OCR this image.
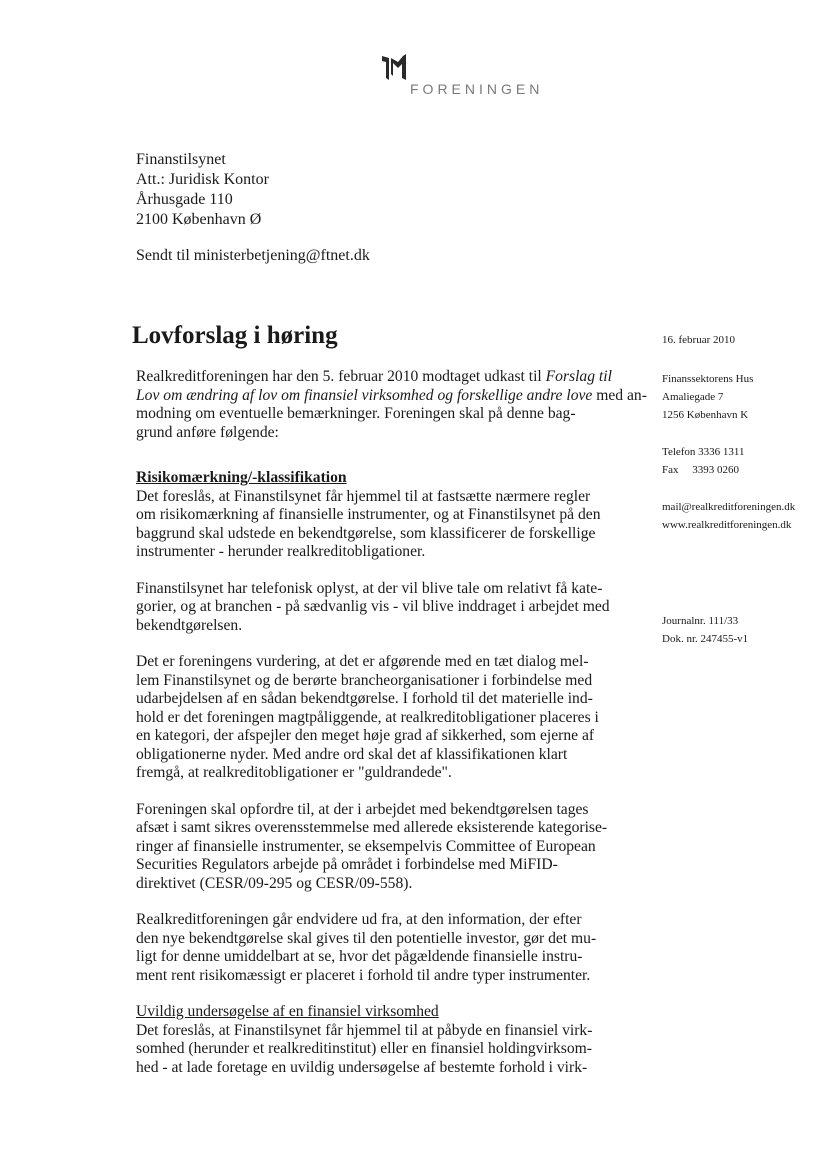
FORENINGEN
Finanstilsynet
Att.: Juridisk Kontor
Århusgade 110
2100 København Ø
Sendt til ministerbetjening@ftnet.dk
Lovforslag i høring	16. februar 2010
Finanssektorens Hus
Amaliegade 7
1256 København K
Telefon 3336 1311
Fax     3393 0260
mail@realkreditforeningen.dk
www.realkreditforeningen.dk
Journalnr. 111/33
Dok. nr. 247455-v1

Realkreditforeningen har den 5. februar 2010 modtaget udkast til Forslag til
Lov om ændring af lov om finansiel virksomhed og forskellige andre love med an-
modning om eventuelle bemærkninger. Foreningen skal på denne bag-
grund anføre følgende:

Risikomærkning/-klassifikation

Det foreslås, at Finanstilsynet får hjemmel til at fastsætte nærmere regler
om risikomærkning af finansielle instrumenter, og at Finanstilsynet på den
baggrund skal udstede en bekendtgørelse, som klassificerer de forskellige
instrumenter - herunder realkreditobligationer.

Finanstilsynet har telefonisk oplyst, at der vil blive tale om relativt få kate-
gorier, og at branchen - på sædvanlig vis - vil blive inddraget i arbejdet med
bekendtgørelsen.

Det er foreningens vurdering, at det er afgørende med en tæt dialog mel-
lem Finanstilsynet og de berørte brancheorganisationer i forbindelse med
udarbejdelsen af en sådan bekendtgørelse. I forhold til det materielle ind-
hold er det foreningen magtpåliggende, at realkreditobligationer placeres i
en kategori, der afspejler den meget høje grad af sikkerhed, som ejerne af
obligationerne nyder. Med andre ord skal det af klassifikationen klart
fremgå, at realkreditobligationer er "guldrandede".

Foreningen skal opfordre til, at der i arbejdet med bekendtgørelsen tages
afsæt i samt sikres overensstemmelse med allerede eksisterende kategorise-
ringer af finansielle instrumenter, se eksempelvis Committee of European
Securities Regulators arbejde på området i forbindelse med MiFID-
direktivet (CESR/09-295 og CESR/09-558).

Realkreditforeningen går endvidere ud fra, at den information, der efter
den nye bekendtgørelse skal gives til den potentielle investor, gør det mu-
ligt for denne umiddelbart at se, hvor det pågældende finansielle instru-
ment rent risikomæssigt er placeret i forhold til andre typer instrumenter.

Uvildig undersøgelse af en finansiel virksomhed

Det foreslås, at Finanstilsynet får hjemmel til at påbyde en finansiel virk-
somhed (herunder et realkreditinstitut) eller en finansiel holdingvirksom-
hed - at lade foretage en uvildig undersøgelse af bestemte forhold i virk-
